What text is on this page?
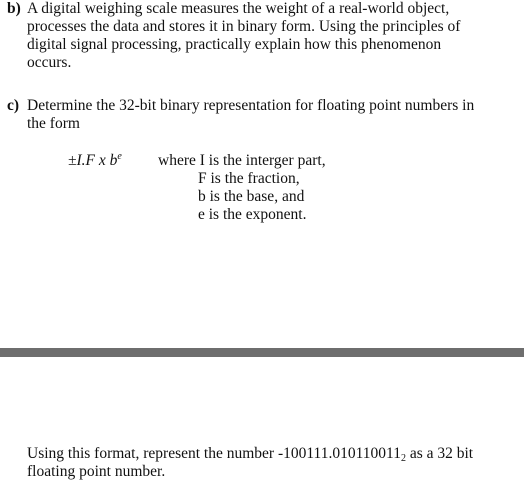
b) A digital weighing scale measures the weight of a real-world object,
processes the data and stores it in binary form. Using the principles of
digital signal processing, practically explain how this phenomenon
occurs.
c) Determine the 32-bit binary representation for floating point numbers in
the form
±I.F x $b^e$ where I is the interger part,
F is the fraction,
b is the base, and
e is the exponent.
Using this format, represent the number $-100111.010110011_2$ as a 32 bit
floating point number.
